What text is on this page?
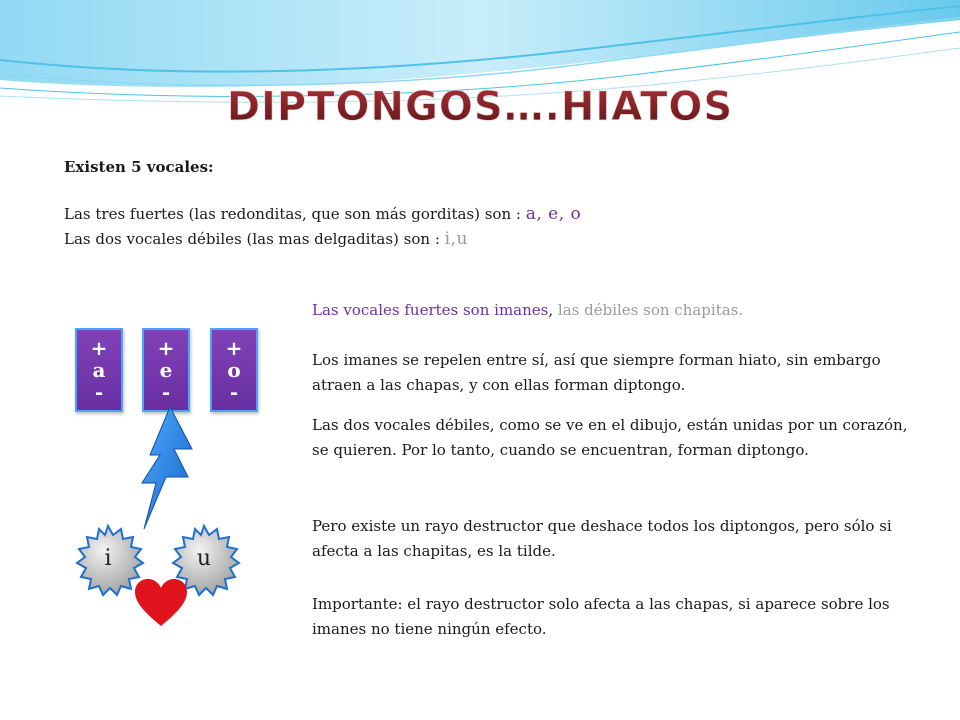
DIPTONGOS….HIATOS
Existen 5 vocales:
Las tres fuertes (las redonditas, que son más gorditas) son : a, e, o
Las dos vocales débiles (las mas delgaditas) son : i,u
+
a
-
+
e
-
+
o
-
i	u
Las vocales fuertes son imanes, las débiles son chapitas.

Los imanes se repelen entre sí, así que siempre forman hiato, sin embargo atraen a las chapas, y con ellas forman diptongo.

Las dos vocales débiles, como se ve en el dibujo, están unidas por un corazón, se quieren. Por lo tanto, cuando se encuentran, forman diptongo.

Pero existe un rayo destructor que deshace todos los diptongos, pero sólo si afecta a las chapitas, es la tilde.

Importante: el rayo destructor solo afecta a las chapas, si aparece sobre los imanes no tiene ningún efecto.
